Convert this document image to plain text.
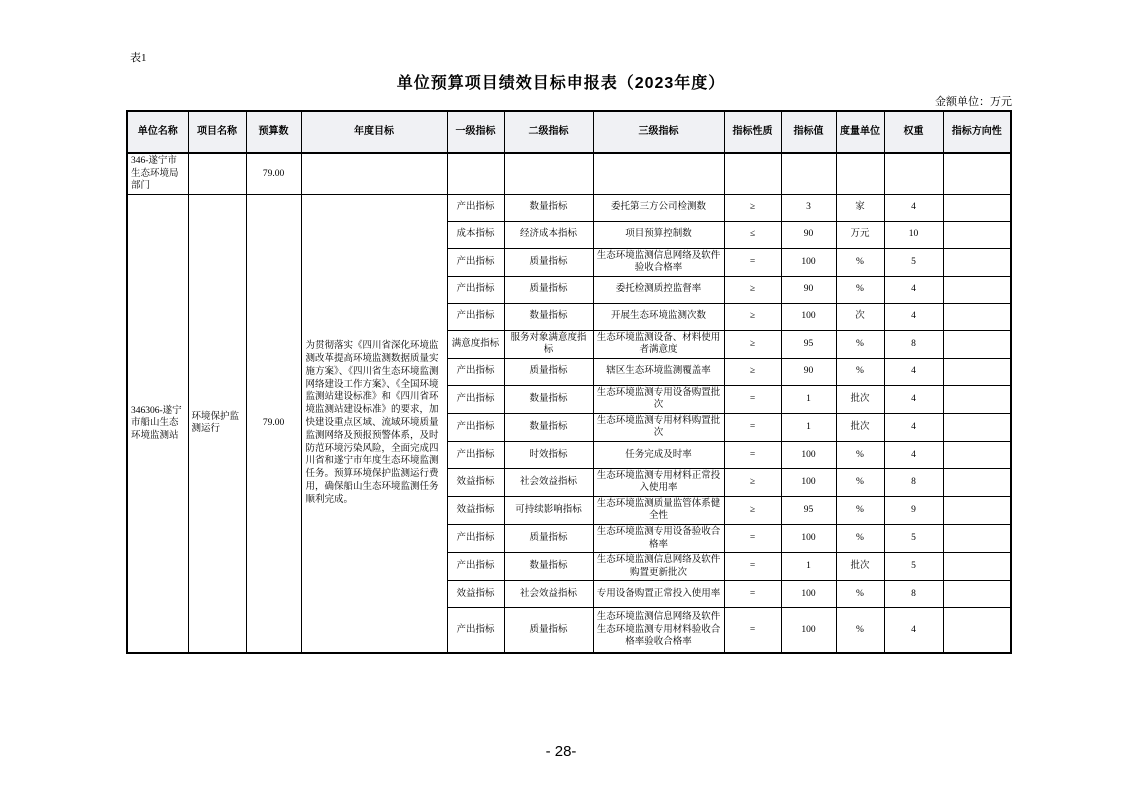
表1
单位预算项目绩效目标申报表（2023年度）
金额单位：万元
单位名称	项目名称	预算数	年度目标	一级指标	二级指标	三级指标	指标性质	指标值	度量单位	权重	指标方向性
346-遂宁市生态环境局部门		79.00									
346306-遂宁市船山生态环境监测站	环境保护监测运行	79.00	为贯彻落实《四川省深化环境监测改革提高环境监测数据质量实施方案》、《四川省生态环境监测网络建设工作方案》、《全国环境监测站建设标准》和《四川省环境监测站建设标准》的要求，加快建设重点区域、流域环境质量监测网络及预报预警体系，及时防范环境污染风险，全面完成四川省和遂宁市年度生态环境监测任务。预算环境保护监测运行费用，确保船山生态环境监测任务顺利完成。	产出指标	数量指标	委托第三方公司检测数	≥	3	家	4	
				成本指标	经济成本指标	项目预算控制数	≤	90	万元	10	
				产出指标	质量指标	生态环境监测信息网络及软件验收合格率	=	100	%	5	
				产出指标	质量指标	委托检测质控监督率	≥	90	%	4	
				产出指标	数量指标	开展生态环境监测次数	≥	100	次	4	
				满意度指标	服务对象满意度指标	生态环境监测设备、材料使用者满意度	≥	95	%	8	
				产出指标	质量指标	辖区生态环境监测覆盖率	≥	90	%	4	
				产出指标	数量指标	生态环境监测专用设备购置批次	=	1	批次	4	
				产出指标	数量指标	生态环境监测专用材料购置批次	=	1	批次	4	
				产出指标	时效指标	任务完成及时率	=	100	%	4	
				效益指标	社会效益指标	生态环境监测专用材料正常投入使用率	≥	100	%	8	
				效益指标	可持续影响指标	生态环境监测质量监管体系健全性	≥	95	%	9	
				产出指标	质量指标	生态环境监测专用设备验收合格率	=	100	%	5	
				产出指标	数量指标	生态环境监测信息网络及软件购置更新批次	=	1	批次	5	
				效益指标	社会效益指标	专用设备购置正常投入使用率	=	100	%	8	
				产出指标	质量指标	生态环境监测信息网络及软件生态环境监测专用材料验收合格率验收合格率	=	100	%	4	
- 28-
